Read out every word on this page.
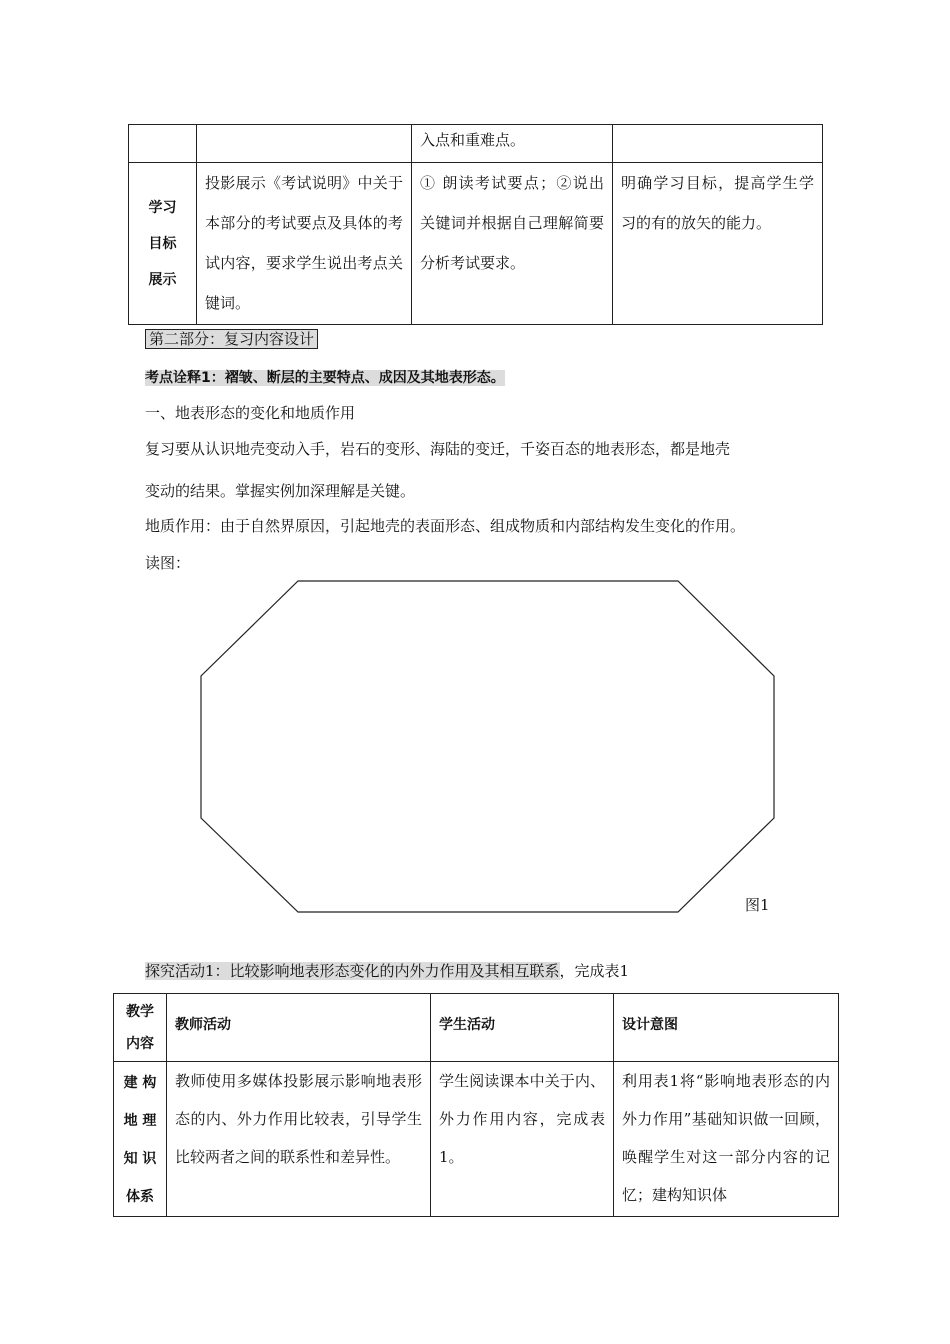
		入点和重难点。	

学习
目标
展示	投影展示《考试说明》中关于本部分的考试要点及具体的考试内容，要求学生说出考点关键词。	① 朗读考试要点；②说出关键词并根据自己理解简要分析考试要求。	明确学习目标，提高学生学习的有的放矢的能力。
第二部分：复习内容设计
考点诠释1：褶皱、断层的主要特点、成因及其地表形态。
一、地表形态的变化和地质作用
复习要从认识地壳变动入手，岩石的变形、海陆的变迁，千姿百态的地表形态，都是地壳
变动的结果。掌握实例加深理解是关键。
地质作用：由于自然界原因，引起地壳的表面形态、组成物质和内部结构发生变化的作用。
读图：
图1
探究活动1：比较影响地表形态变化的内外力作用及其相互联系，完成表1
教学
内容	教师活动	学生活动	设计意图

建 构
地 理
知 识
体系	教师使用多媒体投影展示影响地表形态的内、外力作用比较表，引导学生比较两者之间的联系性和差异性。	学生阅读课本中关于内、外力作用内容，完成表1。	利用表1将“影响地表形态的内外力作用”基础知识做一回顾，唤醒学生对这一部分内容的记忆；建构知识体
